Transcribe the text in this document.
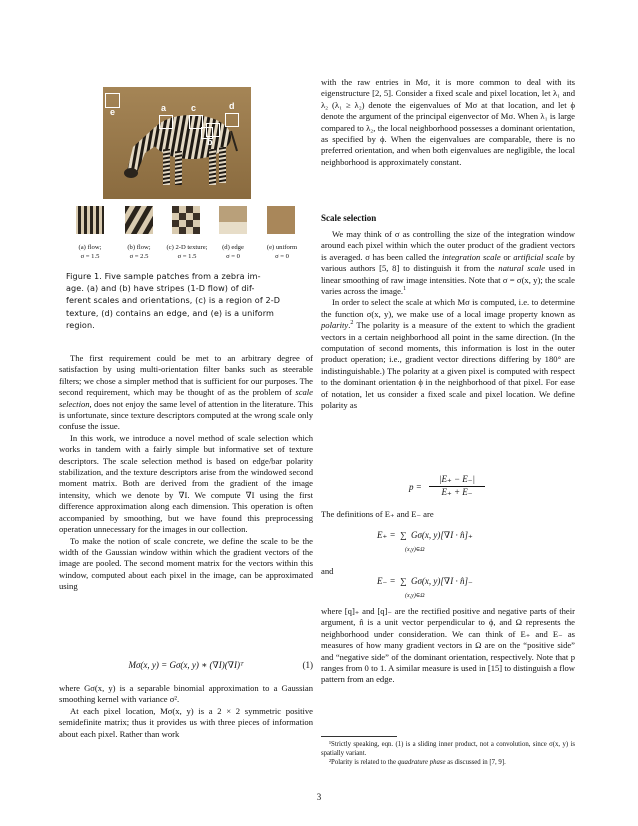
e	a	c
b
d
(a) flow;
σ = 1.5
(b) flow;
σ = 2.5
(c) 2-D texture;
σ = 1.5
(d) edge
σ = 0
(e) uniform
σ = 0
Figure 1. Five sample patches from a zebra im-
age. (a) and (b) have stripes (1-D flow) of dif-
ferent scales and orientations, (c) is a region of 2-D
texture, (d) contains an edge, and (e) is a uniform
region.

The first requirement could be met to an arbitrary degree of satisfaction by using multi-orientation filter banks such as steerable filters; we chose a simpler method that is sufficient for our purposes. The second requirement, which may be thought of as the problem of scale selection, does not enjoy the same level of attention in the literature. This is unfortunate, since texture descriptors computed at the wrong scale only confuse the issue.

In this work, we introduce a novel method of scale selection which works in tandem with a fairly simple but informative set of texture descriptors. The scale selection method is based on edge/bar polarity stabilization, and the texture descriptors arise from the windowed second moment matrix. Both are derived from the gradient of the image intensity, which we denote by ∇I. We compute ∇I using the first difference approximation along each dimension. This operation is often accompanied by smoothing, but we have found this preprocessing operation unnecessary for the images in our collection.

To make the notion of scale concrete, we define the scale to be the width of the Gaussian window within which the gradient vectors of the image are pooled. The second moment matrix for the vectors within this window, computed about each pixel in the image, can be approximated using

Mσ(x, y) = Gσ(x, y) ∗ (∇I)(∇I)ᵀ	(1)

where Gσ(x, y) is a separable binomial approximation to a Gaussian smoothing kernel with variance σ².

At each pixel location, Mσ(x, y) is a 2 × 2 symmetric positive semidefinite matrix; thus it provides us with three pieces of information about each pixel. Rather than work

with the raw entries in Mσ, it is more common to deal with its eigenstructure [2, 5]. Consider a fixed scale and pixel location, let λ₁ and λ₂ (λ₁ ≥ λ₂) denote the eigenvalues of Mσ at that location, and let ϕ denote the argument of the principal eigenvector of Mσ. When λ₁ is large compared to λ₂, the local neighborhood possesses a dominant orientation, as specified by ϕ. When the eigenvalues are comparable, there is no preferred orientation, and when both eigenvalues are negligible, the local neighborhood is approximately constant.

Scale selection

We may think of σ as controlling the size of the integration window around each pixel within which the outer product of the gradient vectors is averaged. σ has been called the integration scale or artificial scale by various authors [5, 8] to distinguish it from the natural scale used in linear smoothing of raw image intensities. Note that σ = σ(x, y); the scale varies across the image.$^1$

In order to select the scale at which Mσ is computed, i.e. to determine the function σ(x, y), we make use of a local image property known as polarity.$^2$ The polarity is a measure of the extent to which the gradient vectors in a certain neighborhood all point in the same direction. (In the computation of second moments, this information is lost in the outer product operation; i.e., gradient vector directions differing by 180° are indistinguishable.) The polarity at a given pixel is computed with respect to the dominant orientation ϕ in the neighborhood of that pixel. For ease of notation, let us consider a fixed scale and pixel location. We define polarity as

p =
|E₊ − E₋|
E₊ + E₋

The definitions of E₊ and E₋ are

E₊ =  ∑  Gσ(x, y)[∇I · n̂]₊
(x,y)∈Ω

and

E₋ =  ∑  Gσ(x, y)[∇I · n̂]₋
(x,y)∈Ω

where [q]₊ and [q]₋ are the rectified positive and negative parts of their argument, n̂ is a unit vector perpendicular to ϕ, and Ω represents the neighborhood under consideration. We can think of E₊ and E₋ as measures of how many gradient vectors in Ω are on the “positive side” and “negative side” of the dominant orientation, respectively. Note that p ranges from 0 to 1. A similar measure is used in [15] to distinguish a flow pattern from an edge.

¹Strictly speaking, eqn. (1) is a sliding inner product, not a convolution, since σ(x, y) is spatially variant.

²Polarity is related to the quadrature phase as discussed in [7, 9].

3
